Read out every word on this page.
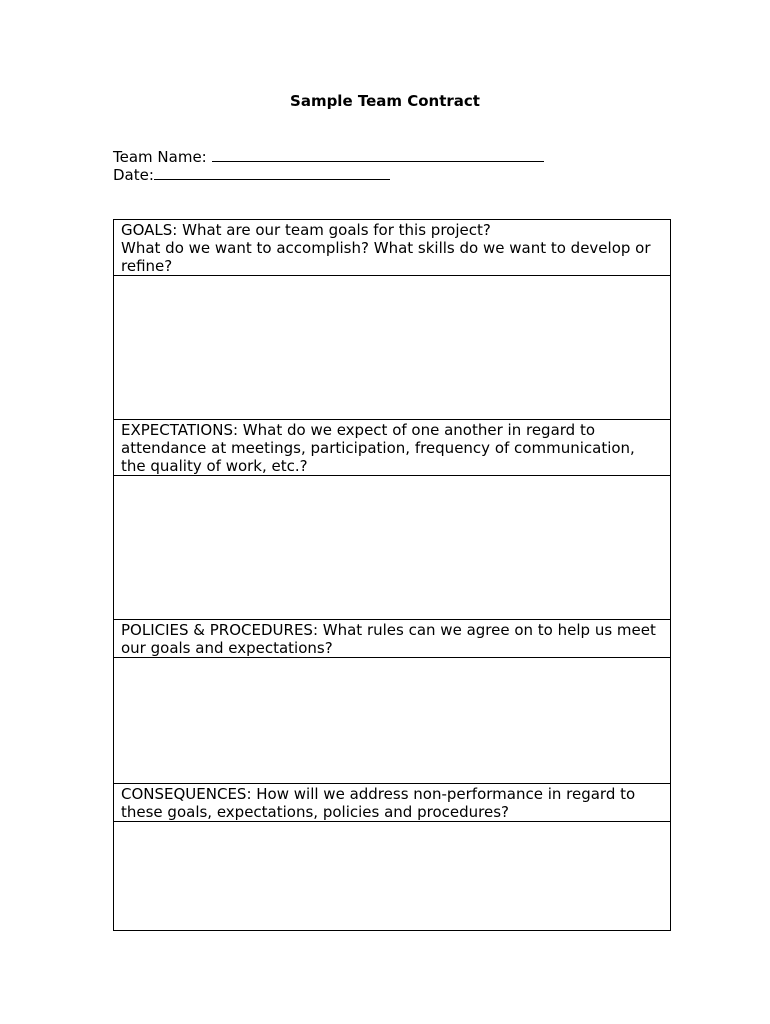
Sample Team Contract
Team Name:
Date:
GOALS: What are our team goals for this project?
What do we want to accomplish? What skills do we want to develop or refine?
EXPECTATIONS: What do we expect of one another in regard to attendance at meetings, participation, frequency of communication, the quality of work, etc.?
POLICIES & PROCEDURES: What rules can we agree on to help us meet our goals and expectations?
CONSEQUENCES: How will we address non-performance in regard to these goals, expectations, policies and procedures?
